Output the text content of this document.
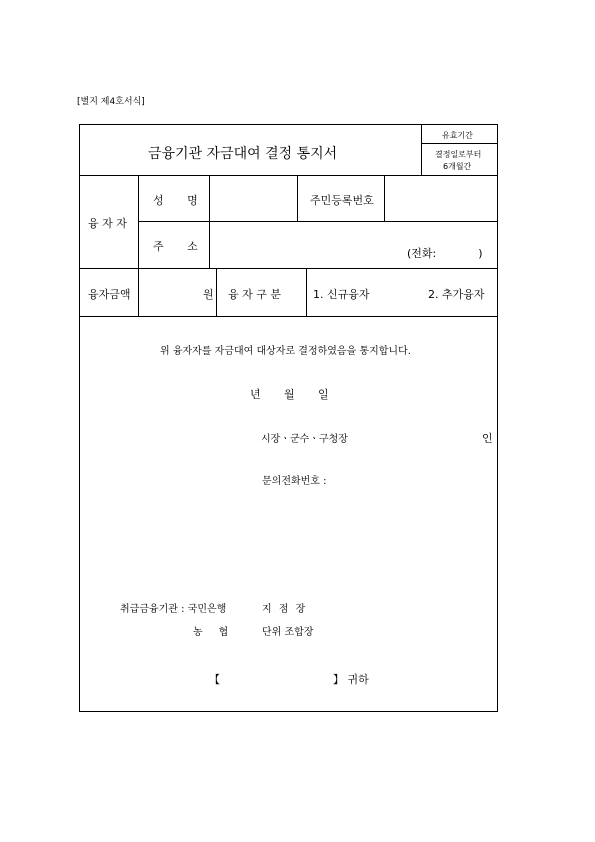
[별지 제4호서식]
금융기관 자금대여 결정 통지서
유효기간
결정일로부터
6개월간
융 자 자
성 명	주민등록번호
주 소
(전화:            )
융자금액	원 융 자 구 분	1. 신규융자	2. 추가융자
위 융자자를 자금대여 대상자로 결정하였음을 통지합니다.
년 월 일
시장ㆍ군수ㆍ구청장	인
문의전화번호 :
취급금융기관 : 국민은행	지 점 장
농     협	단위 조합장
【	】 귀하
